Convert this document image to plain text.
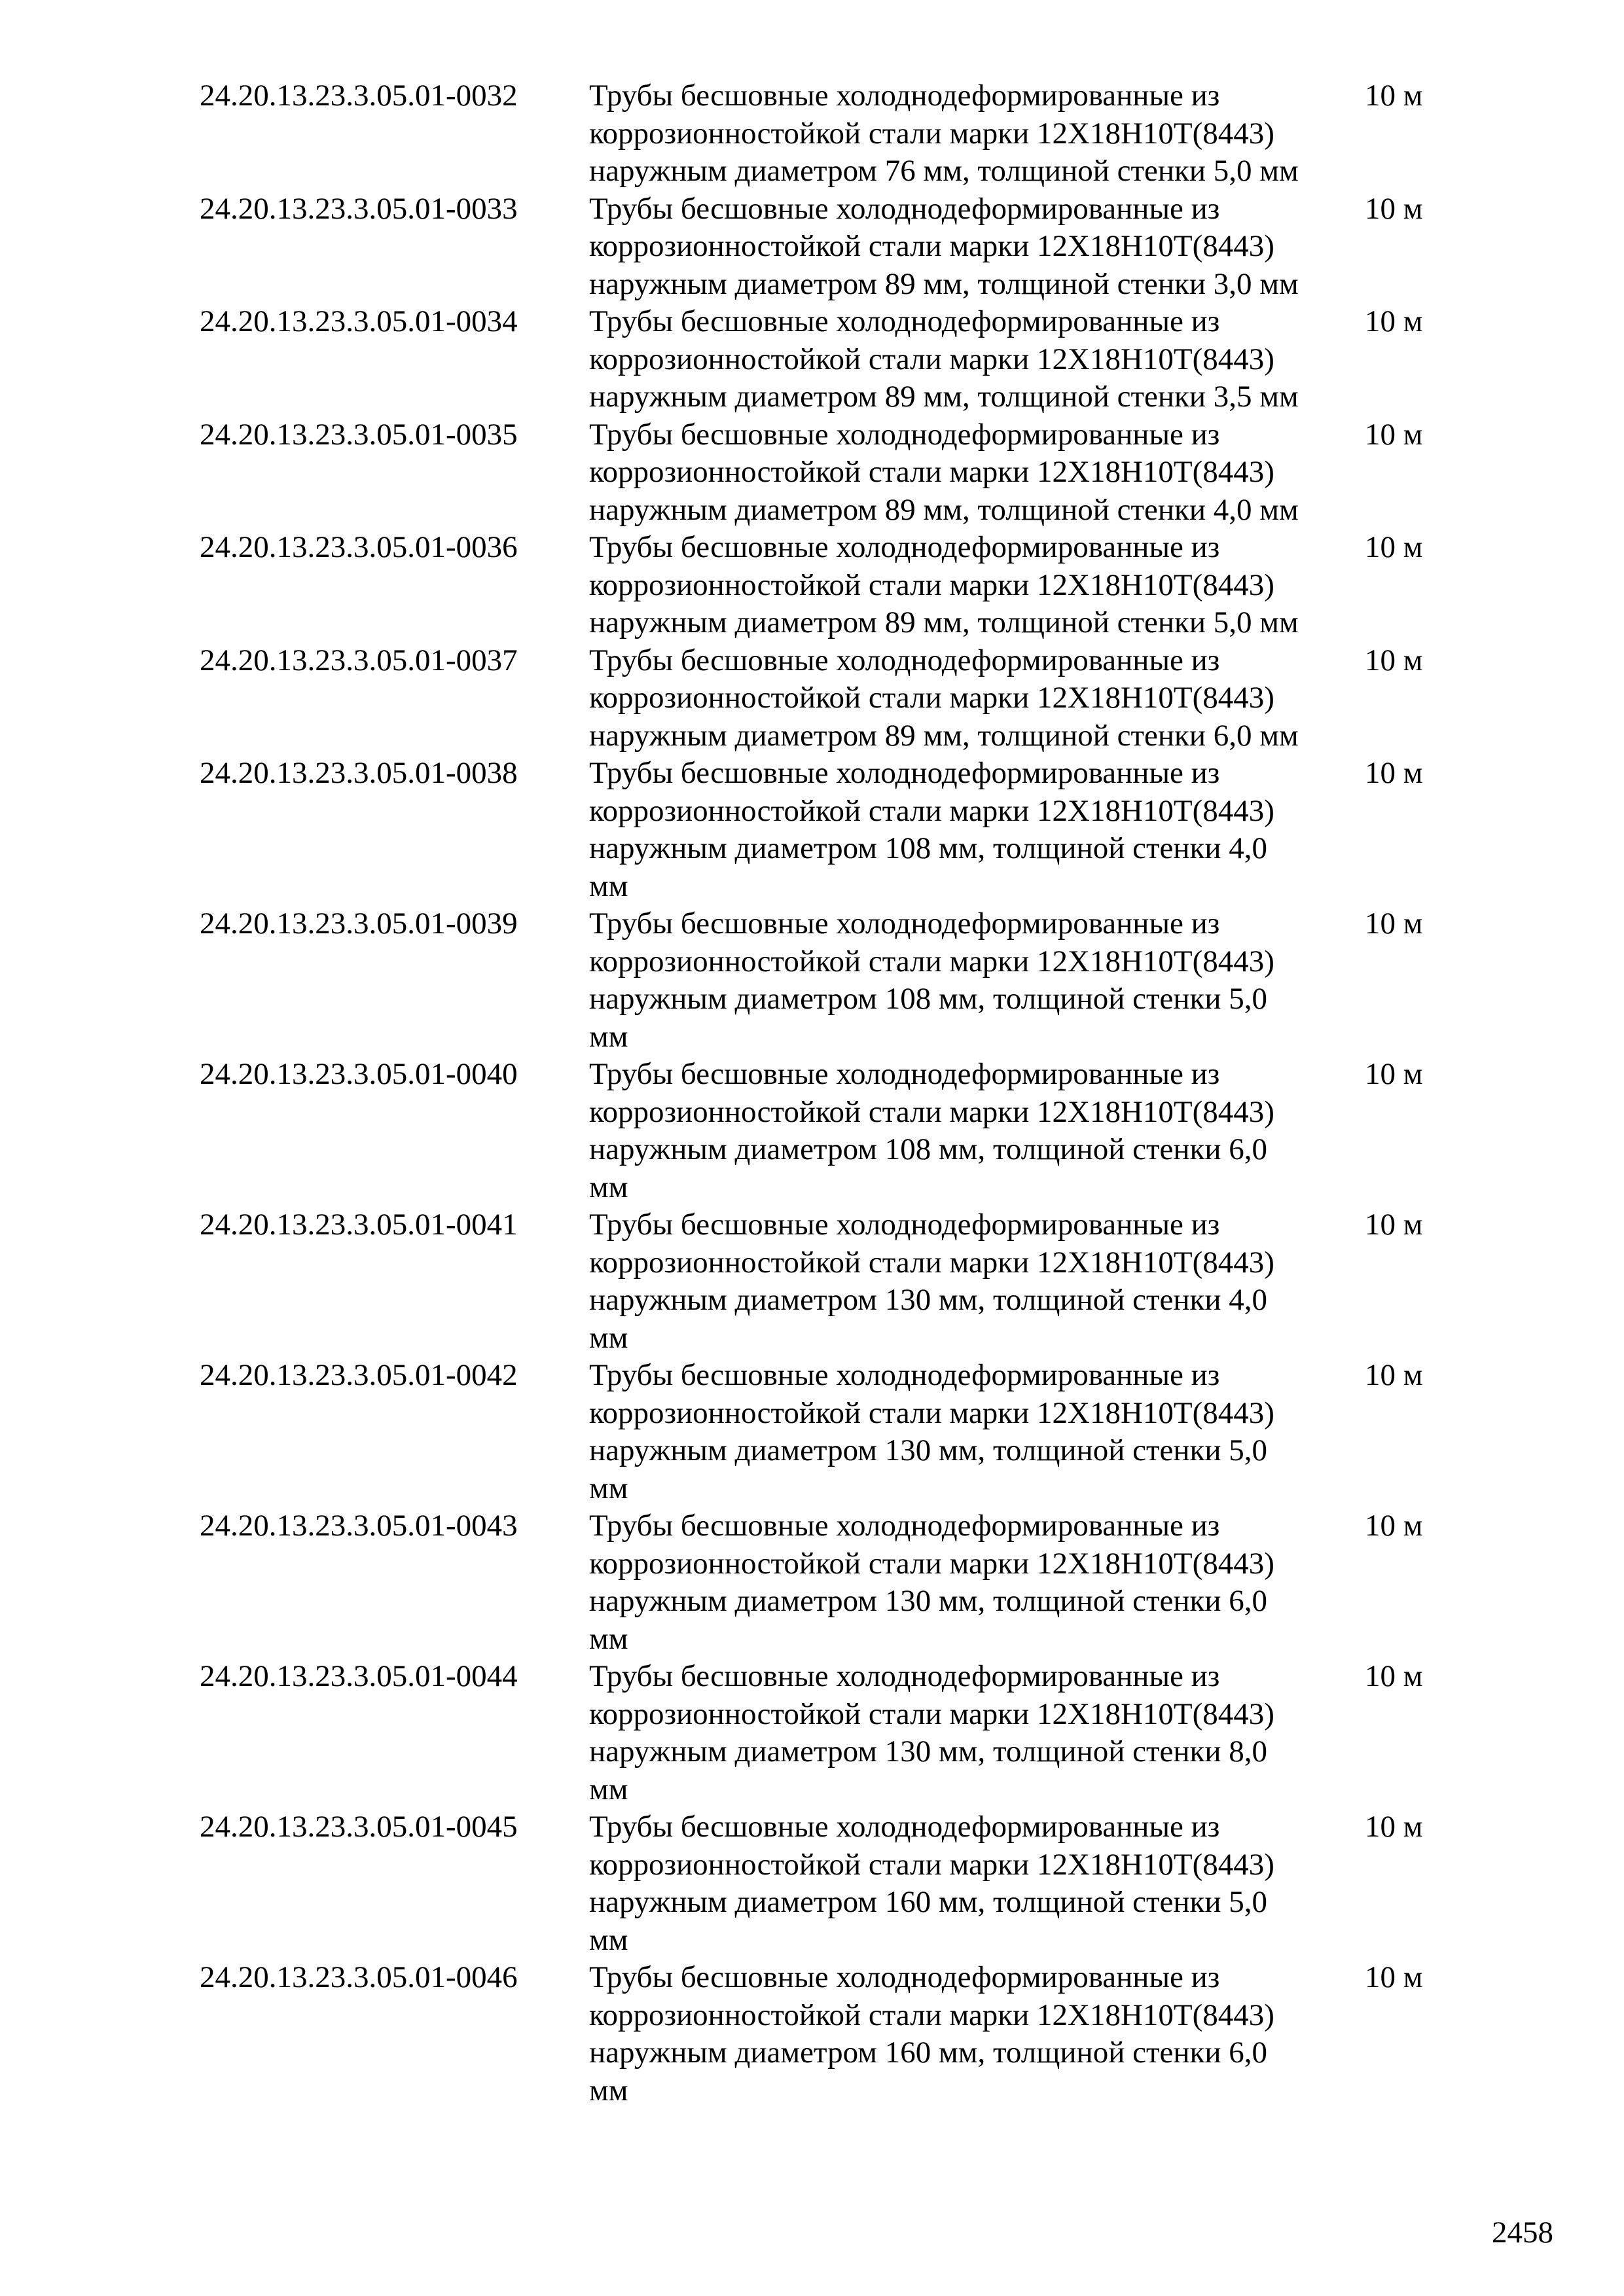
24.20.13.23.3.05.01-0032	Трубы бесшовные холоднодеформированные из
коррозионностойкой стали марки 12Х18Н10Т(8443)
наружным диаметром 76 мм, толщиной стенки 5,0 мм
10 м
24.20.13.23.3.05.01-0033	Трубы бесшовные холоднодеформированные из
коррозионностойкой стали марки 12Х18Н10Т(8443)
наружным диаметром 89 мм, толщиной стенки 3,0 мм
10 м
24.20.13.23.3.05.01-0034	Трубы бесшовные холоднодеформированные из
коррозионностойкой стали марки 12Х18Н10Т(8443)
наружным диаметром 89 мм, толщиной стенки 3,5 мм
10 м
24.20.13.23.3.05.01-0035	Трубы бесшовные холоднодеформированные из
коррозионностойкой стали марки 12Х18Н10Т(8443)
наружным диаметром 89 мм, толщиной стенки 4,0 мм
10 м
24.20.13.23.3.05.01-0036	Трубы бесшовные холоднодеформированные из
коррозионностойкой стали марки 12Х18Н10Т(8443)
наружным диаметром 89 мм, толщиной стенки 5,0 мм
10 м
24.20.13.23.3.05.01-0037	Трубы бесшовные холоднодеформированные из
коррозионностойкой стали марки 12Х18Н10Т(8443)
наружным диаметром 89 мм, толщиной стенки 6,0 мм
10 м
24.20.13.23.3.05.01-0038	Трубы бесшовные холоднодеформированные из
коррозионностойкой стали марки 12Х18Н10Т(8443)
наружным диаметром 108 мм, толщиной стенки 4,0
мм
10 м
24.20.13.23.3.05.01-0039	Трубы бесшовные холоднодеформированные из
коррозионностойкой стали марки 12Х18Н10Т(8443)
наружным диаметром 108 мм, толщиной стенки 5,0
мм
10 м
24.20.13.23.3.05.01-0040	Трубы бесшовные холоднодеформированные из
коррозионностойкой стали марки 12Х18Н10Т(8443)
наружным диаметром 108 мм, толщиной стенки 6,0
мм
10 м
24.20.13.23.3.05.01-0041	Трубы бесшовные холоднодеформированные из
коррозионностойкой стали марки 12Х18Н10Т(8443)
наружным диаметром 130 мм, толщиной стенки 4,0
мм
10 м
24.20.13.23.3.05.01-0042	Трубы бесшовные холоднодеформированные из
коррозионностойкой стали марки 12Х18Н10Т(8443)
наружным диаметром 130 мм, толщиной стенки 5,0
мм
10 м
24.20.13.23.3.05.01-0043	Трубы бесшовные холоднодеформированные из
коррозионностойкой стали марки 12Х18Н10Т(8443)
наружным диаметром 130 мм, толщиной стенки 6,0
мм
10 м
24.20.13.23.3.05.01-0044	Трубы бесшовные холоднодеформированные из
коррозионностойкой стали марки 12Х18Н10Т(8443)
наружным диаметром 130 мм, толщиной стенки 8,0
мм
10 м
24.20.13.23.3.05.01-0045	Трубы бесшовные холоднодеформированные из
коррозионностойкой стали марки 12Х18Н10Т(8443)
наружным диаметром 160 мм, толщиной стенки 5,0
мм
10 м
24.20.13.23.3.05.01-0046	Трубы бесшовные холоднодеформированные из
коррозионностойкой стали марки 12Х18Н10Т(8443)
наружным диаметром 160 мм, толщиной стенки 6,0
мм
10 м
2458
